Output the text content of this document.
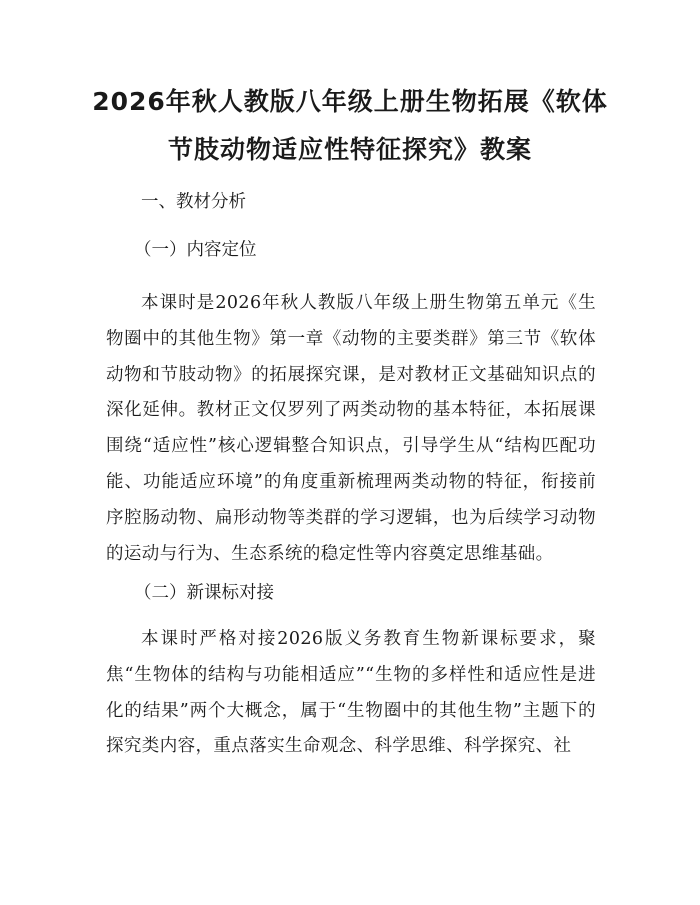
2026年秋人教版八年级上册生物拓展《软体
节肢动物适应性特征探究》教案
一、教材分析
（一）内容定位

本课时是2026年秋人教版八年级上册生物第五单元《生物圈中的其他生物》第一章《动物的主要类群》第三节《软体动物和节肢动物》的拓展探究课，是对教材正文基础知识点的深化延伸。教材正文仅罗列了两类动物的基本特征，本拓展课围绕“适应性”核心逻辑整合知识点，引导学生从“结构匹配功能、功能适应环境”的角度重新梳理两类动物的特征，衔接前序腔肠动物、扁形动物等类群的学习逻辑，也为后续学习动物的运动与行为、生态系统的稳定性等内容奠定思维基础。

（二）新课标对接

本课时严格对接2026版义务教育生物新课标要求，聚焦“生物体的结构与功能相适应”“生物的多样性和适应性是进化的结果”两个大概念，属于“生物圈中的其他生物”主题下的探究类内容，重点落实生命观念、科学思维、科学探究、社
